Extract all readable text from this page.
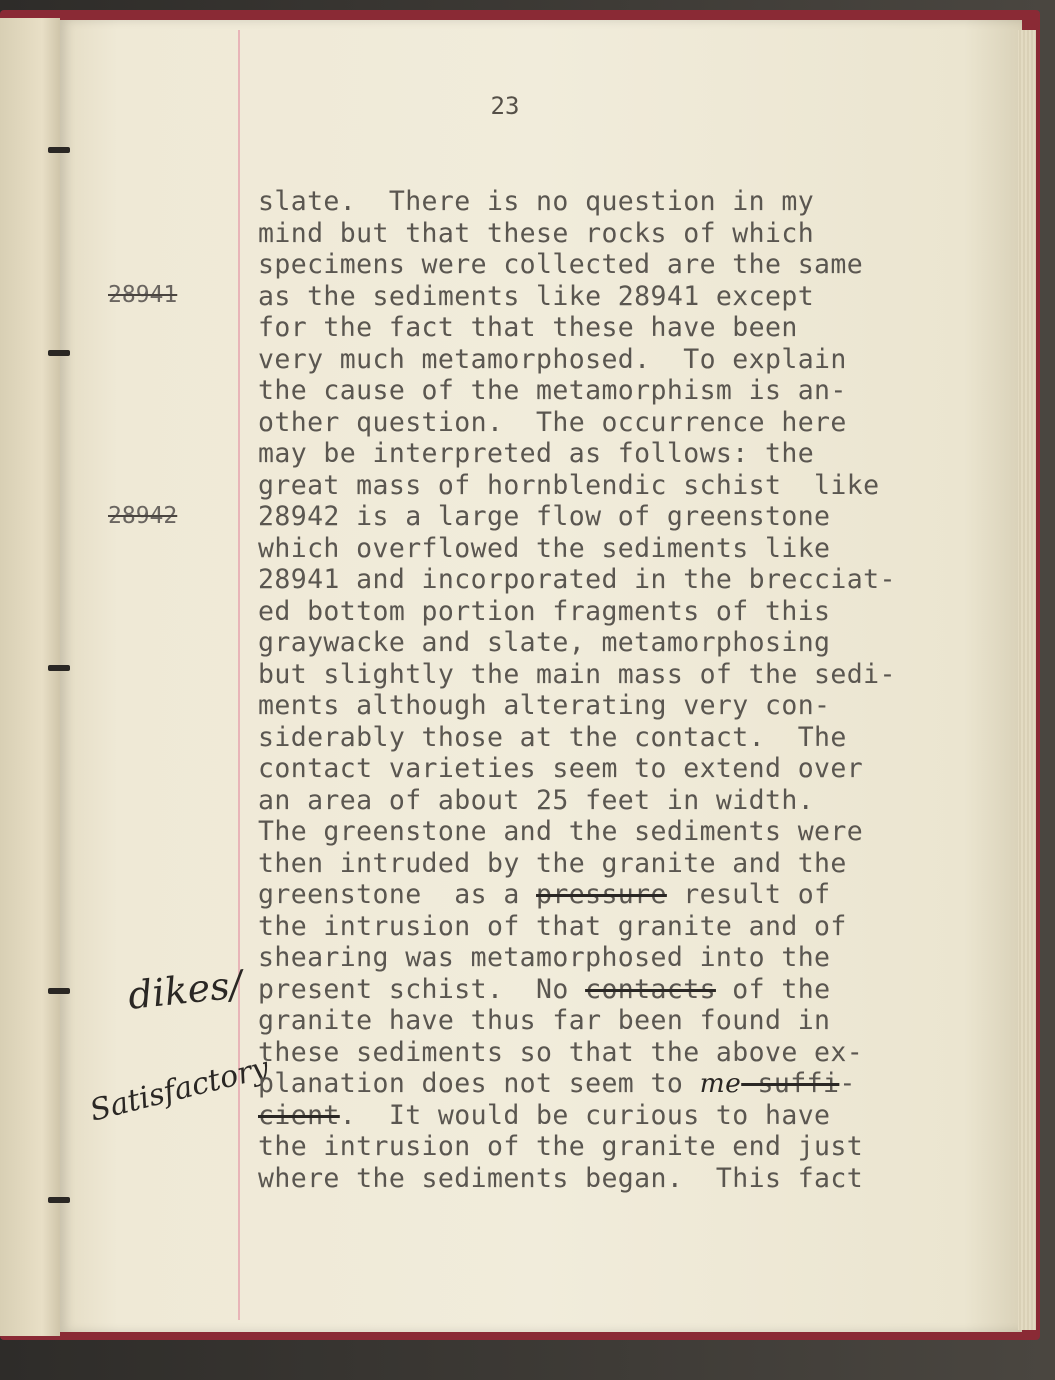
23
28941
28942
dikes/
Satisfactory
slate.  There is no question in my
mind but that these rocks of which
specimens were collected are the same
as the sediments like 28941 except
for the fact that these have been
very much metamorphosed.  To explain
the cause of the metamorphism is an-
other question.  The occurrence here
may be interpreted as follows: the
great mass of hornblendic schist  like
28942 is a large flow of greenstone
which overflowed the sediments like
28941 and incorporated in the brecciat-
ed bottom portion fragments of this
graywacke and slate, metamorphosing
but slightly the main mass of the sedi-
ments although alterating very con-
siderably those at the contact.  The
contact varieties seem to extend over
an area of about 25 feet in width.
The greenstone and the sediments were
then intruded by the granite and the
greenstone  as a pressure result of
the intrusion of that granite and of
shearing was metamorphosed into the
present schist.  No contacts of the
granite have thus far been found in
these sediments so that the above ex-
planation does not seem to me suffi-
cient.  It would be curious to have
the intrusion of the granite end just
where the sediments began.  This fact
